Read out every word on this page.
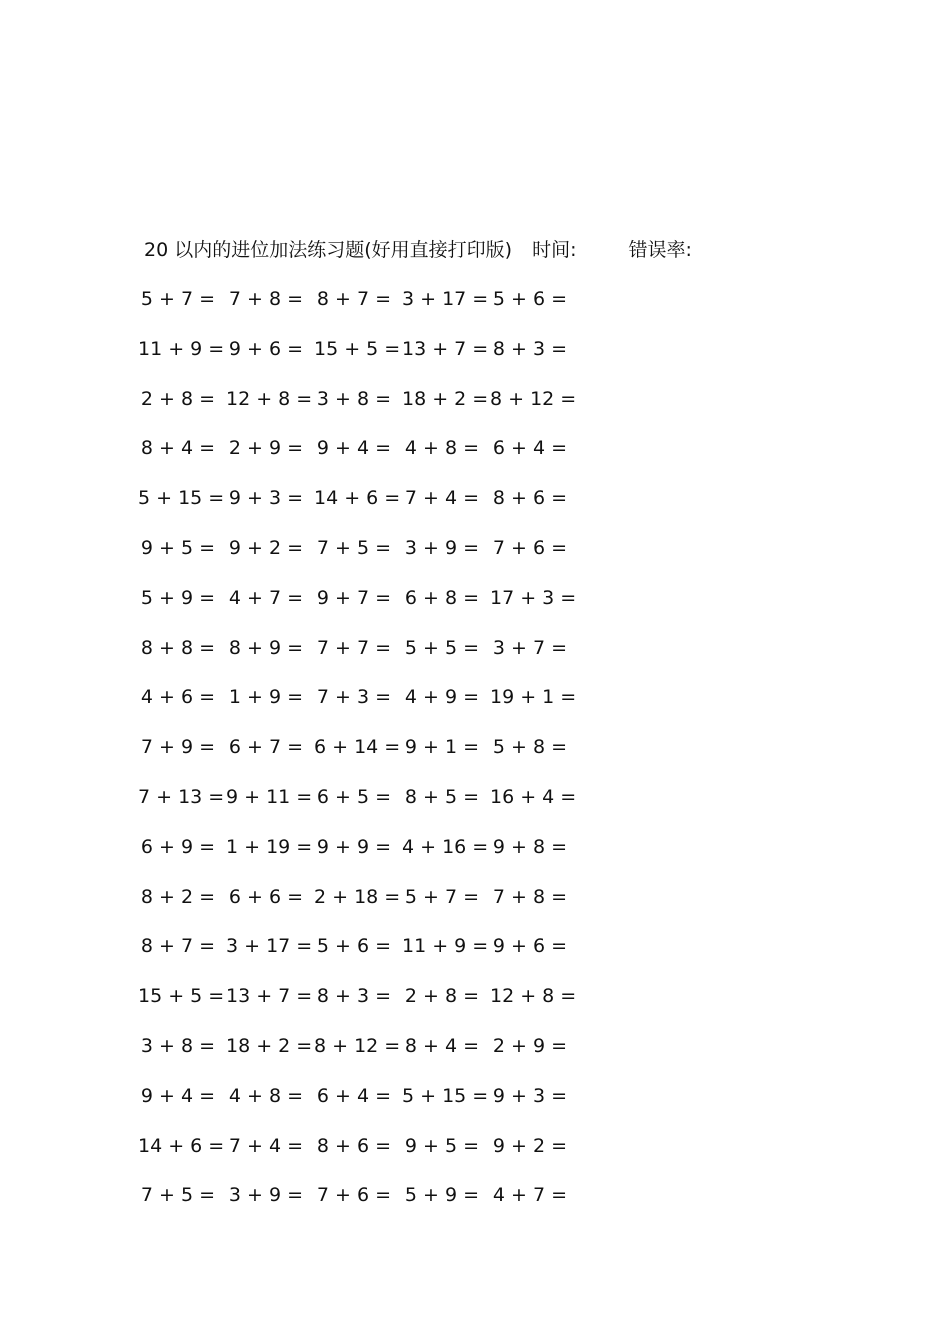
20 以内的进位加法练习题(好用直接打印版) 时间:	错误率:
5 + 7 = 7 + 8 = 8 + 7 = 3 + 17 = 5 + 6 =
11 + 9 = 9 + 6 = 15 + 5 = 13 + 7 = 8 + 3 =
2 + 8 = 12 + 8 = 3 + 8 = 18 + 2 = 8 + 12 =
8 + 4 = 2 + 9 = 9 + 4 = 4 + 8 = 6 + 4 =
5 + 15 = 9 + 3 = 14 + 6 = 7 + 4 = 8 + 6 =
9 + 5 = 9 + 2 = 7 + 5 = 3 + 9 = 7 + 6 =
5 + 9 = 4 + 7 = 9 + 7 = 6 + 8 = 17 + 3 =
8 + 8 = 8 + 9 = 7 + 7 = 5 + 5 = 3 + 7 =
4 + 6 = 1 + 9 = 7 + 3 = 4 + 9 = 19 + 1 =
7 + 9 = 6 + 7 = 6 + 14 = 9 + 1 = 5 + 8 =
7 + 13 = 9 + 11 = 6 + 5 = 8 + 5 = 16 + 4 =
6 + 9 = 1 + 19 = 9 + 9 = 4 + 16 = 9 + 8 =
8 + 2 = 6 + 6 = 2 + 18 = 5 + 7 = 7 + 8 =
8 + 7 = 3 + 17 = 5 + 6 = 11 + 9 = 9 + 6 =
15 + 5 = 13 + 7 = 8 + 3 = 2 + 8 = 12 + 8 =
3 + 8 = 18 + 2 = 8 + 12 = 8 + 4 = 2 + 9 =
9 + 4 = 4 + 8 = 6 + 4 = 5 + 15 = 9 + 3 =
14 + 6 = 7 + 4 = 8 + 6 = 9 + 5 = 9 + 2 =
7 + 5 = 3 + 9 = 7 + 6 = 5 + 9 = 4 + 7 =
